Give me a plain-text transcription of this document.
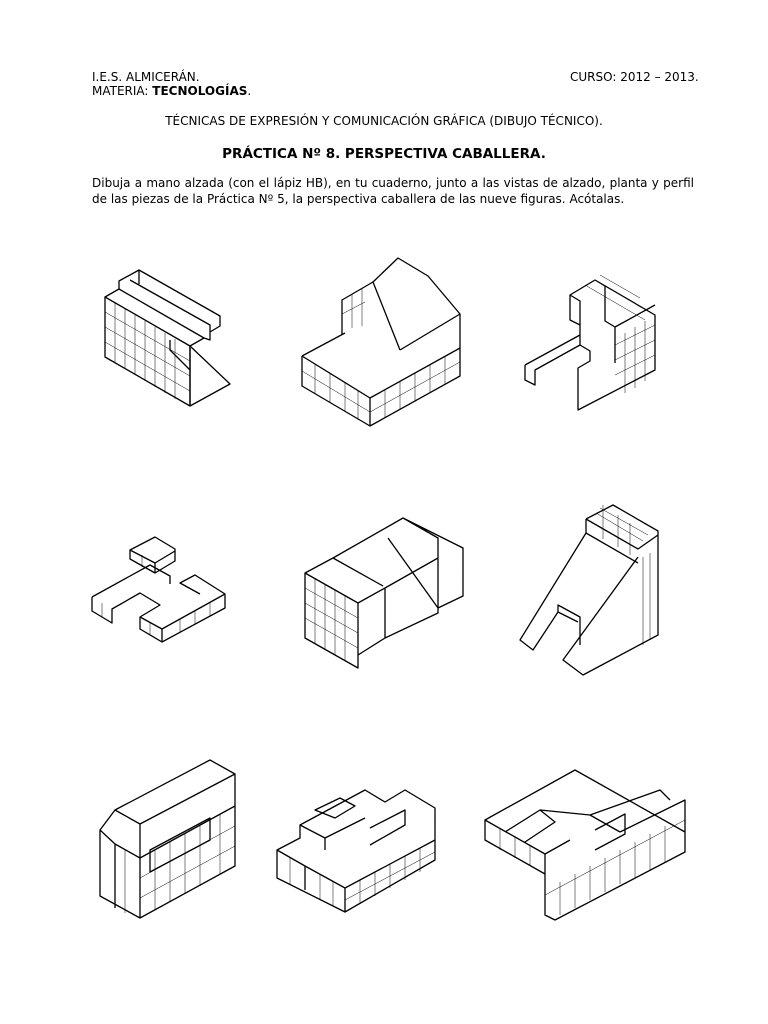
I.E.S. ALMICERÁN.	CURSO: 2012 – 2013.
MATERIA: TECNOLOGÍAS.
TÉCNICAS DE EXPRESIÓN Y COMUNICACIÓN GRÁFICA (DIBUJO TÉCNICO).
PRÁCTICA Nº 8. PERSPECTIVA CABALLERA.
Dibuja a mano alzada (con el lápiz HB), en tu cuaderno, junto a las vistas de alzado, planta y perfil de las piezas de la Práctica Nº 5, la perspectiva caballera de las nueve figuras. Acótalas.
